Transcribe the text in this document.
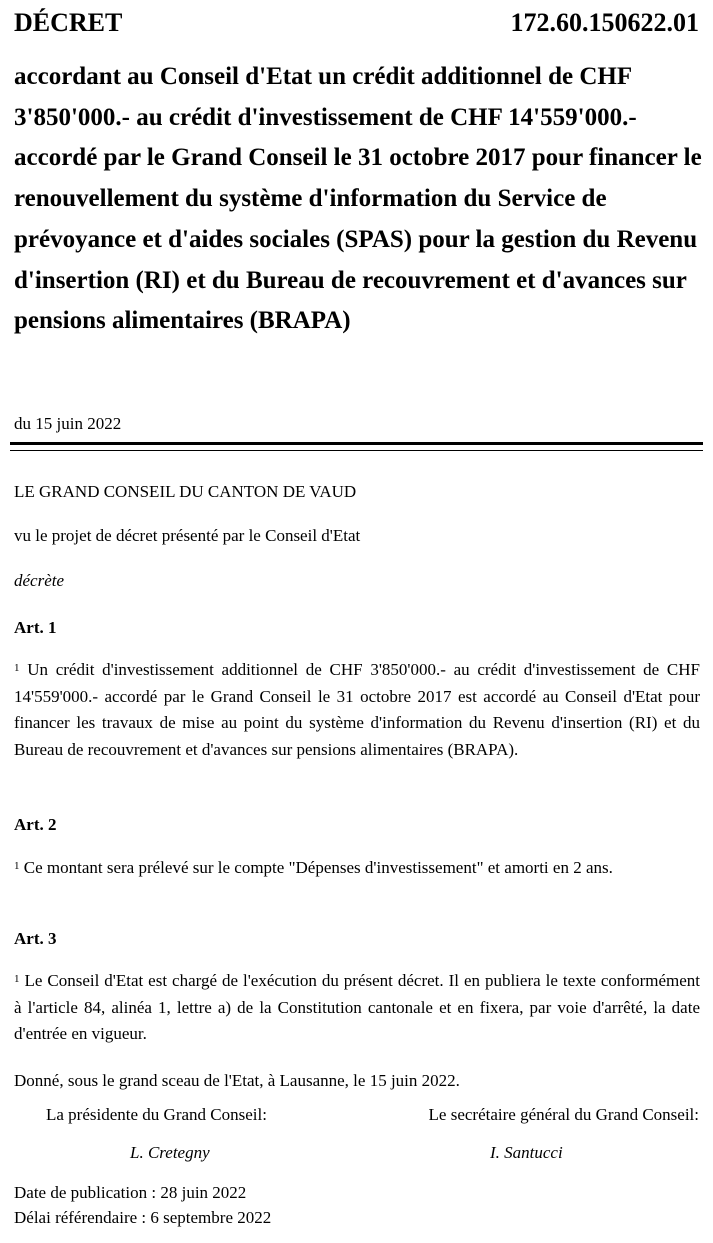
DÉCRET	172.60.150622.01
accordant au Conseil d'Etat un crédit additionnel de CHF 3'850'000.- au crédit d'investissement de CHF 14'559'000.- accordé par le Grand Conseil le 31 octobre 2017 pour financer le renouvellement du système d'information du Service de prévoyance et d'aides sociales (SPAS) pour la gestion du Revenu d'insertion (RI) et du Bureau de recouvrement et d'avances sur pensions alimentaires (BRAPA)
du 15 juin 2022
LE GRAND CONSEIL DU CANTON DE VAUD
vu le projet de décret présenté par le Conseil d'Etat
décrète
Art. 1

$^1$ Un crédit d'investissement additionnel de CHF 3'850'000.- au crédit d'investissement de CHF 14'559'000.- accordé par le Grand Conseil le 31 octobre 2017 est accordé au Conseil d'Etat pour financer les travaux de mise au point du système d'information du Revenu d'insertion (RI) et du Bureau de recouvrement et d'avances sur pensions alimentaires (BRAPA).

Art. 2

$^1$ Ce montant sera prélevé sur le compte "Dépenses d'investissement" et amorti en 2 ans.

Art. 3

$^1$ Le Conseil d'Etat est chargé de l'exécution du présent décret. Il en publiera le texte conformément à l'article 84, alinéa 1, lettre a) de la Constitution cantonale et en fixera, par voie d'arrêté, la date d'entrée en vigueur.

Donné, sous le grand sceau de l'Etat, à Lausanne, le 15 juin 2022.
La présidente du Grand Conseil:	Le secrétaire général du Grand Conseil:
L. Cretegny	I. Santucci
Date de publication : 28 juin 2022
Délai référendaire : 6 septembre 2022
